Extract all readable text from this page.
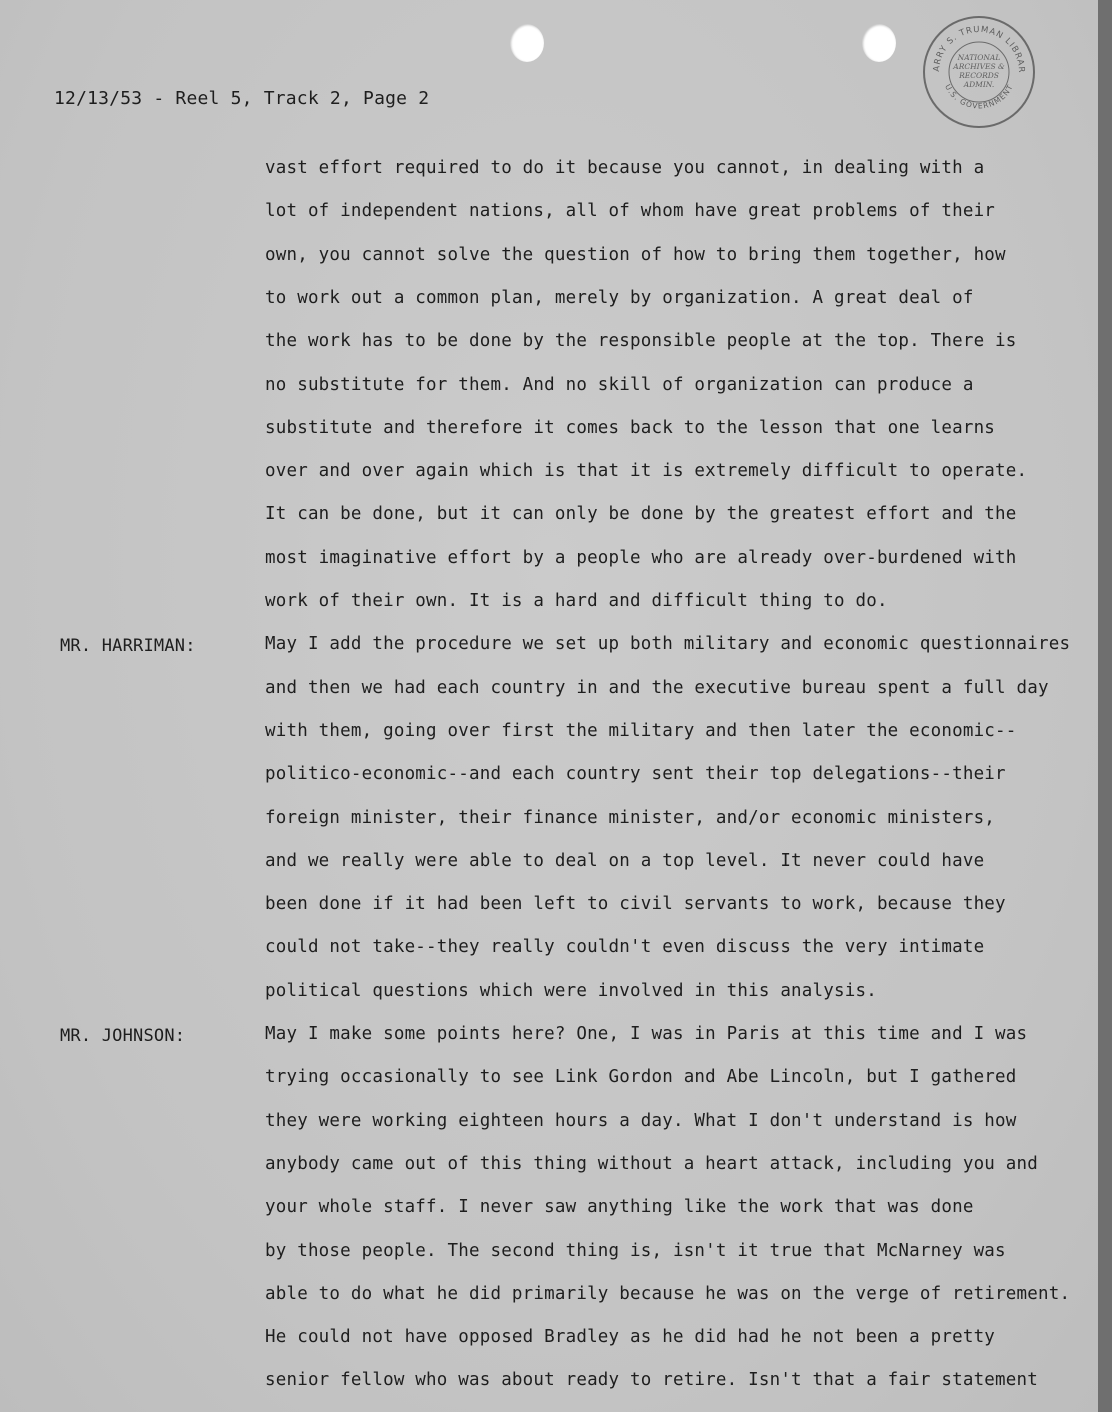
ARRY S. TRUMAN LIBRAR
U.S. GOVERNMENT
NATIONAL
ARCHIVES &
RECORDS
ADMIN.
12/13/53 - Reel 5, Track 2, Page 2
vast effort required to do it because you cannot, in dealing with a
lot of independent nations, all of whom have great problems of their
own, you cannot solve the question of how to bring them together, how
to work out a common plan, merely by organization. A great deal of
the work has to be done by the responsible people at the top. There is
no substitute for them. And no skill of organization can produce a
substitute and therefore it comes back to the lesson that one learns
over and over again which is that it is extremely difficult to operate.
It can be done, but it can only be done by the greatest effort and the
most imaginative effort by a people who are already over-burdened with
work of their own. It is a hard and difficult thing to do.
MR. HARRIMAN:	May I add the procedure we set up both military and economic questionnaires
and then we had each country in and the executive bureau spent a full day
with them, going over first the military and then later the economic--
politico-economic--and each country sent their top delegations--their
foreign minister, their finance minister, and/or economic ministers,
and we really were able to deal on a top level. It never could have
been done if it had been left to civil servants to work, because they
could not take--they really couldn't even discuss the very intimate
political questions which were involved in this analysis.
MR. JOHNSON:	May I make some points here? One, I was in Paris at this time and I was
trying occasionally to see Link Gordon and Abe Lincoln, but I gathered
they were working eighteen hours a day. What I don't understand is how
anybody came out of this thing without a heart attack, including you and
your whole staff. I never saw anything like the work that was done
by those people. The second thing is, isn't it true that McNarney was
able to do what he did primarily because he was on the verge of retirement.
He could not have opposed Bradley as he did had he not been a pretty
senior fellow who was about ready to retire. Isn't that a fair statement
